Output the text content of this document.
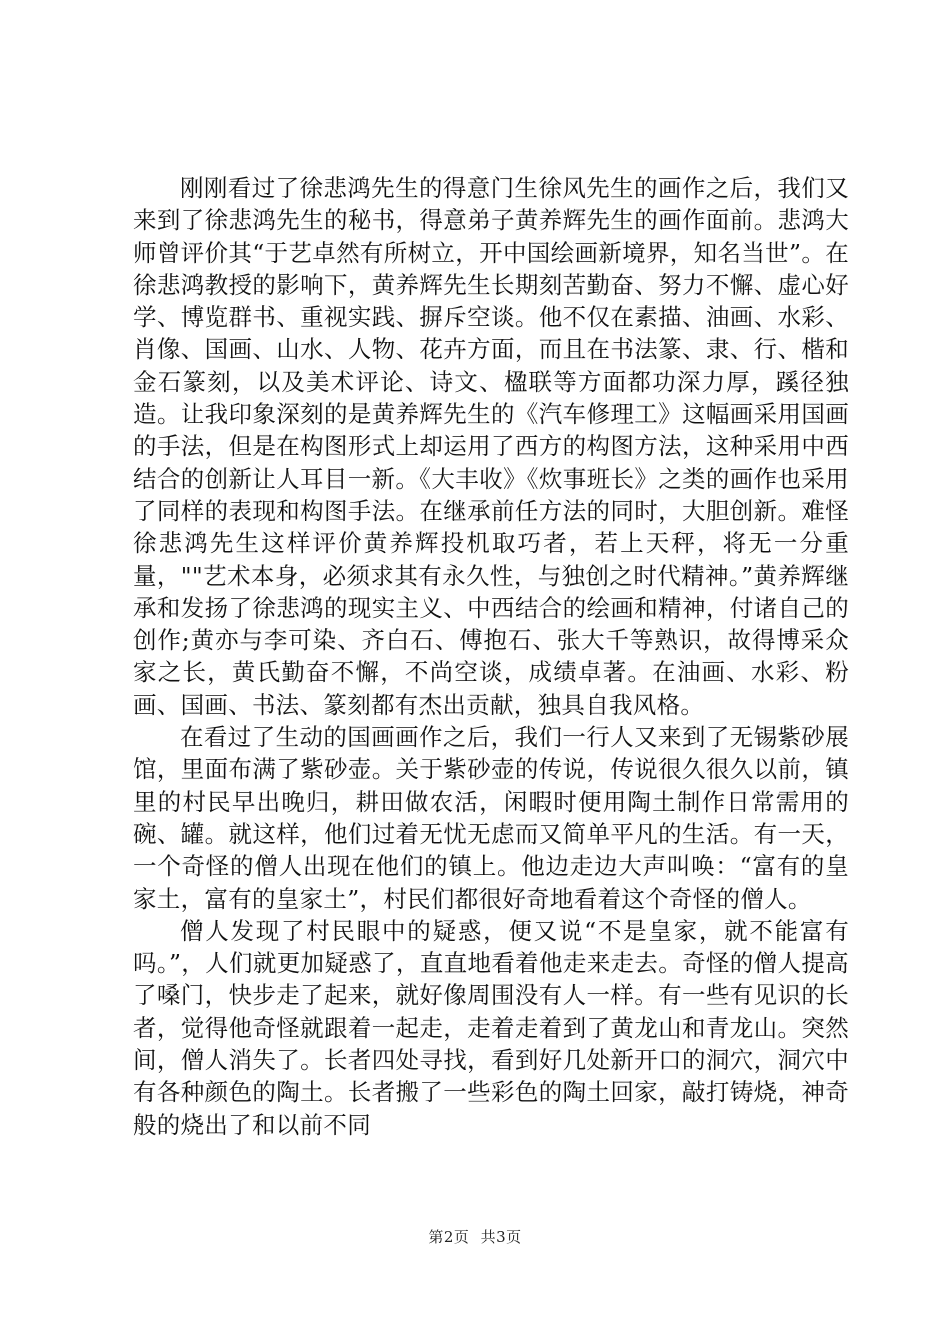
刚刚看过了徐悲鸿先生的得意门生徐风先生的画作之后，我们又来到了徐悲鸿先生的秘书，得意弟子黄养辉先生的画作面前。悲鸿大师曾评价其“于艺卓然有所树立，开中国绘画新境界，知名当世”。在徐悲鸿教授的影响下，黄养辉先生长期刻苦勤奋、努力不懈、虚心好学、博览群书、重视实践、摒斥空谈。他不仅在素描、油画、水彩、肖像、国画、山水、人物、花卉方面，而且在书法篆、隶、行、楷和金石篆刻，以及美术评论、诗文、楹联等方面都功深力厚，蹊径独造。让我印象深刻的是黄养辉先生的《汽车修理工》这幅画采用国画的手法，但是在构图形式上却运用了西方的构图方法，这种采用中西结合的创新让人耳目一新。《大丰收》《炊事班长》之类的画作也采用了同样的表现和构图手法。在继承前任方法的同时，大胆创新。难怪徐悲鸿先生这样评价黄养辉投机取巧者，若上天秤，将无一分重量，""艺术本身，必须求其有永久性，与独创之时代精神。”黄养辉继承和发扬了徐悲鸿的现实主义、中西结合的绘画和精神，付诸自己的创作;黄亦与李可染、齐白石、傅抱石、张大千等熟识，故得博采众家之长，黄氏勤奋不懈，不尚空谈，成绩卓著。在油画、水彩、粉画、国画、书法、篆刻都有杰出贡献，独具自我风格。

在看过了生动的国画画作之后，我们一行人又来到了无锡紫砂展馆，里面布满了紫砂壶。关于紫砂壶的传说，传说很久很久以前，镇里的村民早出晚归，耕田做农活，闲暇时便用陶土制作日常需用的碗、罐。就这样，他们过着无忧无虑而又简单平凡的生活。有一天，一个奇怪的僧人出现在他们的镇上。他边走边大声叫唤：“富有的皇家土，富有的皇家土”，村民们都很好奇地看着这个奇怪的僧人。

僧人发现了村民眼中的疑惑，便又说“不是皇家，就不能富有吗。”，人们就更加疑惑了，直直地看着他走来走去。奇怪的僧人提高了嗓门，快步走了起来，就好像周围没有人一样。有一些有见识的长者，觉得他奇怪就跟着一起走，走着走着到了黄龙山和青龙山。突然间，僧人消失了。长者四处寻找，看到好几处新开口的洞穴，洞穴中有各种颜色的陶土。长者搬了一些彩色的陶土回家，敲打铸烧，神奇般的烧出了和以前不同

第2页 共3页
